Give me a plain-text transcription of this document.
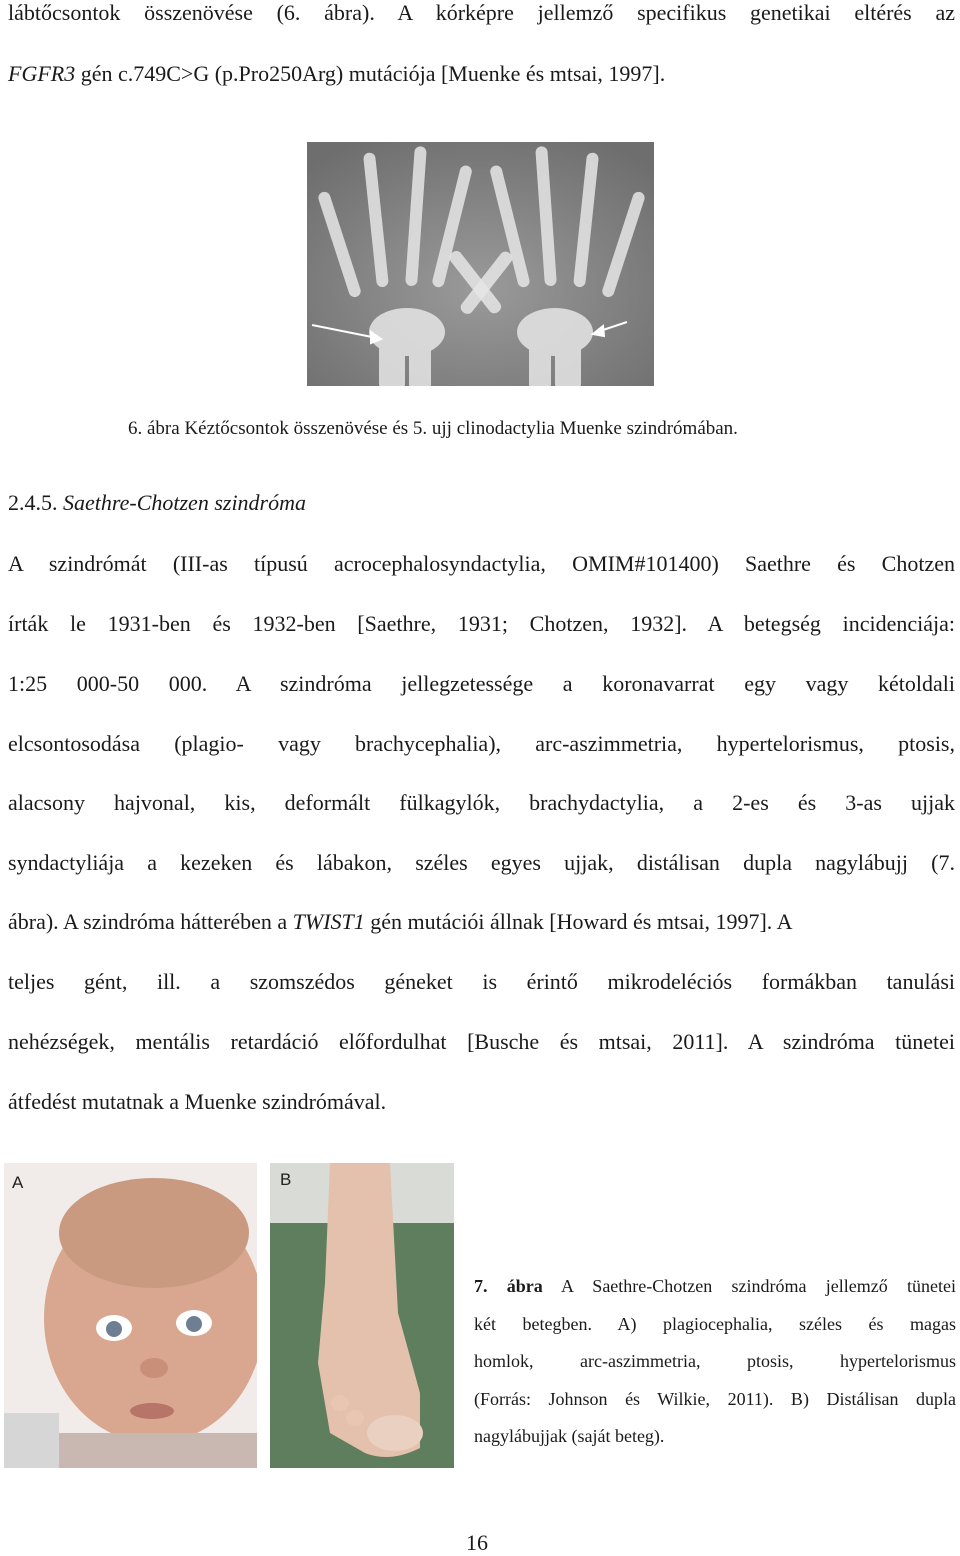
lábtőcsontok összenövése (6. ábra). A kórképre jellemző specifikus genetikai eltérés az
FGFR3 gén c.749C>G (p.Pro250Arg) mutációja [Muenke és mtsai, 1997].
6. ábra Kéztőcsontok összenövése és 5. ujj clinodactylia Muenke szindrómában.
2.4.5. Saethre-Chotzen szindróma
A szindrómát (III-as típusú acrocephalosyndactylia, OMIM#101400) Saethre és Chotzen
írták le 1931-ben és 1932-ben [Saethre, 1931; Chotzen, 1932]. A betegség incidenciája:
1:25 000-50 000. A szindróma jellegzetessége a koronavarrat egy vagy kétoldali
elcsontosodása (plagio- vagy brachycephalia), arc-aszimmetria, hypertelorismus, ptosis,
alacsony hajvonal, kis, deformált fülkagylók, brachydactylia, a 2-es és 3-as ujjak
syndactyliája a kezeken és lábakon, széles egyes ujjak, distálisan dupla nagylábujj (7.
ábra). A szindróma hátterében a TWIST1 gén mutációi állnak [Howard és mtsai, 1997]. A
teljes gént, ill. a szomszédos géneket is érintő mikrodeléciós formákban tanulási
nehézségek, mentális retardáció előfordulhat [Busche és mtsai, 2011]. A szindróma tünetei
átfedést mutatnak a Muenke szindrómával.
A	B
7. ábra A Saethre-Chotzen szindróma jellemző tünetei
két betegben. A) plagiocephalia, széles és magas
homlok, arc-aszimmetria, ptosis, hypertelorismus
(Forrás: Johnson és Wilkie, 2011). B) Distálisan dupla
nagylábujjak (saját beteg).
16
